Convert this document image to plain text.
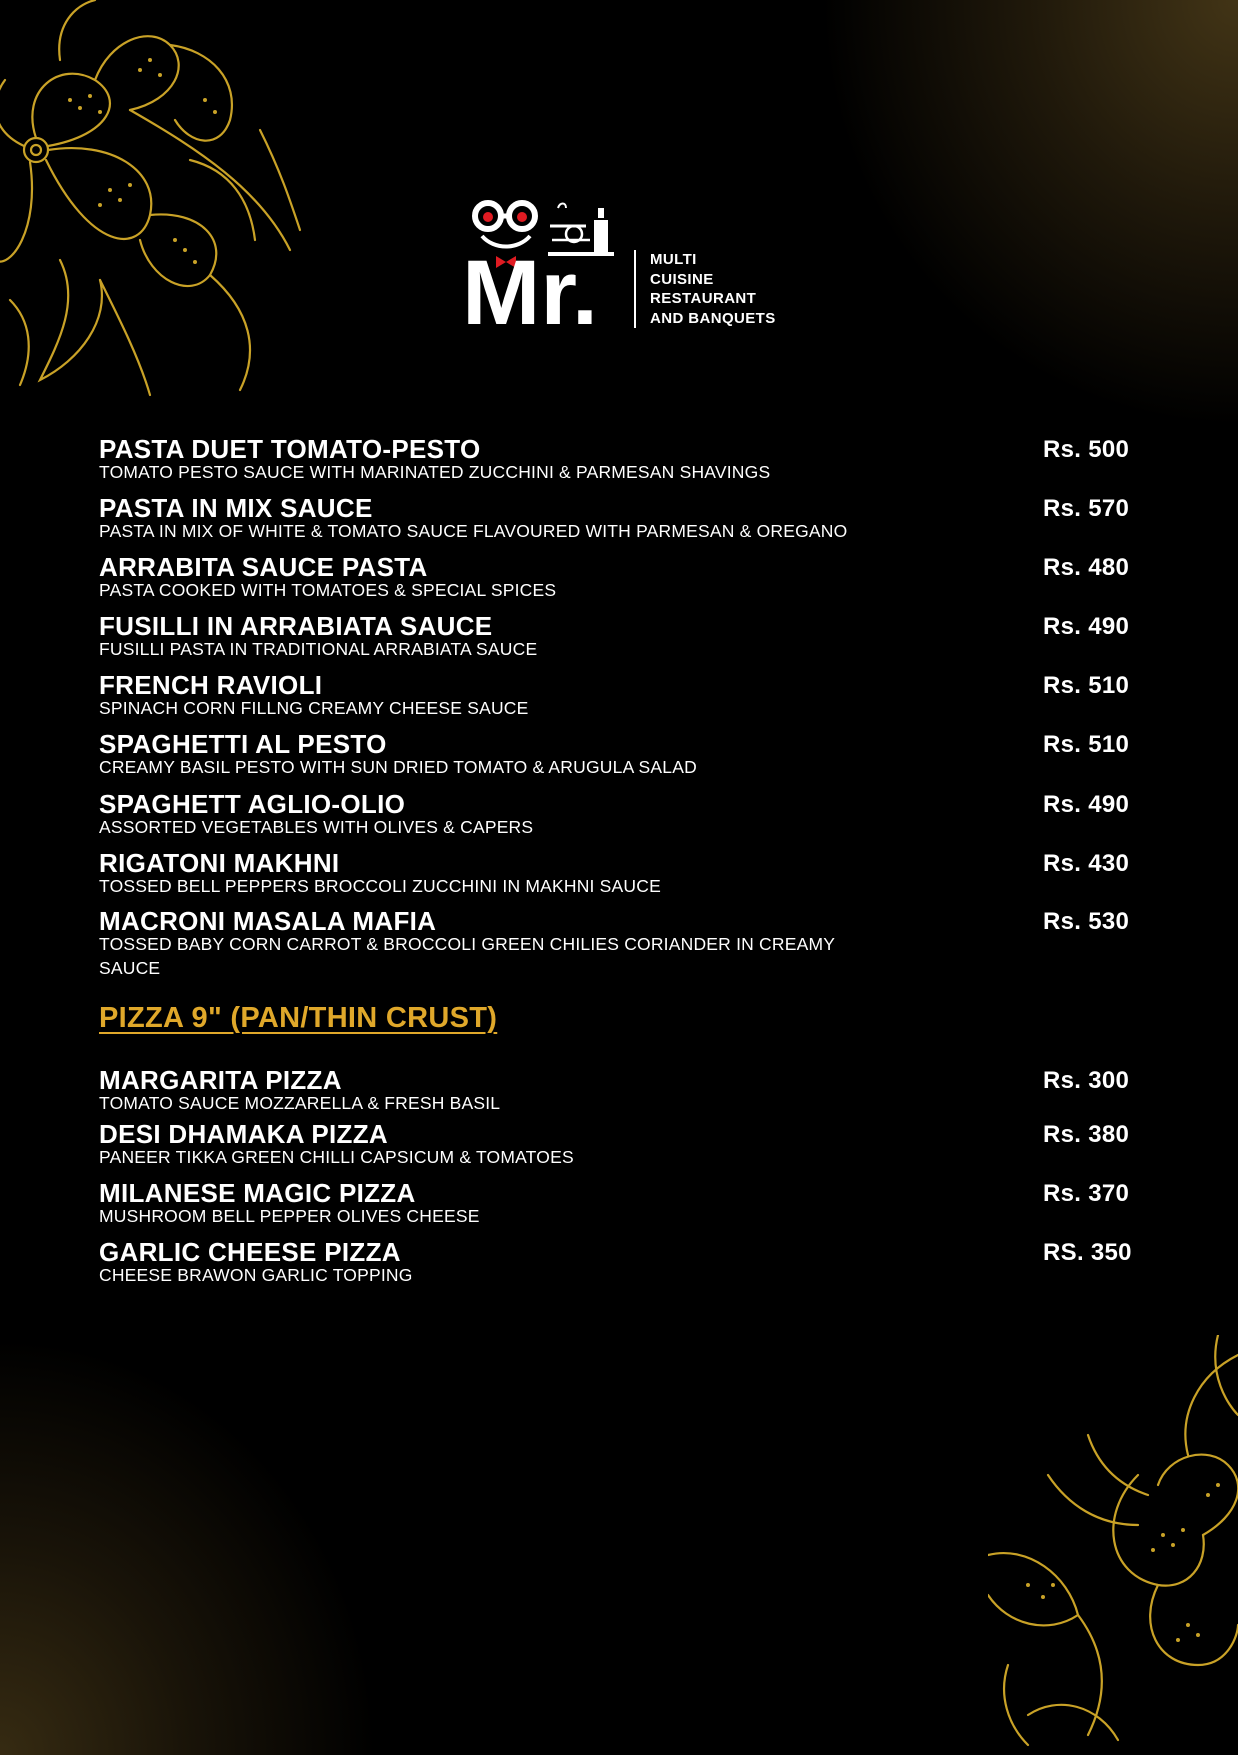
Mr.	MULTI
CUISINE
RESTAURANT
AND BANQUETS
PASTA DUET TOMATO-PESTO
TOMATO PESTO SAUCE WITH MARINATED ZUCCHINI & PARMESAN SHAVINGS
Rs. 500
PASTA IN MIX SAUCE
PASTA IN MIX OF WHITE & TOMATO SAUCE FLAVOURED WITH PARMESAN & OREGANO
Rs. 570
ARRABITA SAUCE PASTA
PASTA COOKED WITH TOMATOES & SPECIAL SPICES
Rs. 480
FUSILLI IN ARRABIATA SAUCE
FUSILLI PASTA IN TRADITIONAL ARRABIATA SAUCE
Rs. 490
FRENCH RAVIOLI
SPINACH CORN FILLNG CREAMY CHEESE SAUCE
Rs. 510
SPAGHETTI AL PESTO
CREAMY BASIL PESTO WITH SUN DRIED TOMATO & ARUGULA SALAD
Rs. 510
SPAGHETT AGLIO-OLIO
ASSORTED VEGETABLES WITH OLIVES & CAPERS
Rs. 490
RIGATONI MAKHNI
TOSSED BELL PEPPERS BROCCOLI ZUCCHINI IN MAKHNI SAUCE
Rs. 430
MACRONI MASALA MAFIA
TOSSED BABY CORN CARROT & BROCCOLI GREEN CHILIES CORIANDER IN CREAMY SAUCE
Rs. 530
PIZZA 9" (PAN/THIN CRUST)
MARGARITA PIZZA
TOMATO SAUCE MOZZARELLA & FRESH BASIL
Rs. 300
DESI DHAMAKA PIZZA
PANEER TIKKA GREEN CHILLI CAPSICUM & TOMATOES
Rs. 380
MILANESE MAGIC PIZZA
MUSHROOM BELL PEPPER OLIVES CHEESE
Rs. 370
GARLIC CHEESE PIZZA
CHEESE BRAWON GARLIC TOPPING
RS. 350
